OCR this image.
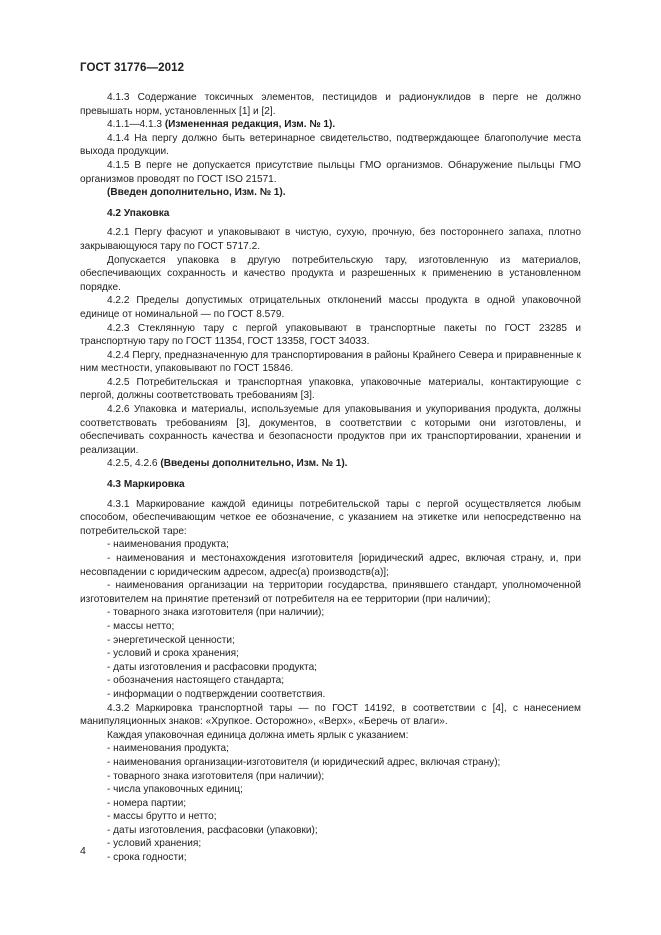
ГОСТ 31776—2012

4.1.3 Содержание токсичных элементов, пестицидов и радионуклидов в перге не должно превышать норм, установленных [1] и [2].

4.1.1—4.1.3 (Измененная редакция, Изм. № 1).

4.1.4 На пергу должно быть ветеринарное свидетельство, подтверждающее благополучие места выхода продукции.

4.1.5 В перге не допускается присутствие пыльцы ГМО организмов. Обнаружение пыльцы ГМО организмов проводят по ГОСТ ISO 21571.

(Введен дополнительно, Изм. № 1).

4.2 Упаковка

4.2.1 Пергу фасуют и упаковывают в чистую, сухую, прочную, без постороннего запаха, плотно закрывающуюся тару по ГОСТ 5717.2.

Допускается упаковка в другую потребительскую тару, изготовленную из материалов, обеспечивающих сохранность и качество продукта и разрешенных к применению в установленном порядке.

4.2.2 Пределы допустимых отрицательных отклонений массы продукта в одной упаковочной единице от номинальной — по ГОСТ 8.579.

4.2.3 Стеклянную тару с пергой упаковывают в транспортные пакеты по ГОСТ 23285 и транспортную тару по ГОСТ 11354, ГОСТ 13358, ГОСТ 34033.

4.2.4 Пергу, предназначенную для транспортирования в районы Крайнего Севера и приравненные к ним местности, упаковывают по ГОСТ 15846.

4.2.5 Потребительская и транспортная упаковка, упаковочные материалы, контактирующие с пергой, должны соответствовать требованиям [3].

4.2.6 Упаковка и материалы, используемые для упаковывания и укупоривания продукта, должны соответствовать требованиям [3], документов, в соответствии с которыми они изготовлены, и обеспечивать сохранность качества и безопасности продуктов при их транспортировании, хранении и реализации.

4.2.5, 4.2.6 (Введены дополнительно, Изм. № 1).

4.3 Маркировка

4.3.1 Маркирование каждой единицы потребительской тары с пергой осуществляется любым способом, обеспечивающим четкое ее обозначение, с указанием на этикетке или непосредственно на потребительской таре:

- наименования продукта;

- наименования и местонахождения изготовителя [юридический адрес, включая страну, и, при несовпадении с юридическим адресом, адрес(а) производств(а)];

- наименования организации на территории государства, принявшего стандарт, уполномоченной изготовителем на принятие претензий от потребителя на ее территории (при наличии);

- товарного знака изготовителя (при наличии);

- массы нетто;

- энергетической ценности;

- условий и срока хранения;

- даты изготовления и расфасовки продукта;

- обозначения настоящего стандарта;

- информации о подтверждении соответствия.

4.3.2 Маркировка транспортной тары — по ГОСТ 14192, в соответствии с [4], с нанесением манипуляционных знаков: «Хрупкое. Осторожно», «Верх», «Беречь от влаги».

Каждая упаковочная единица должна иметь ярлык с указанием:

- наименования продукта;

- наименования организации-изготовителя (и юридический адрес, включая страну);

- товарного знака изготовителя (при наличии);

- числа упаковочных единиц;

- номера партии;

- массы брутто и нетто;

- даты изготовления, расфасовки (упаковки);

- условий хранения;

- срока годности;

4
